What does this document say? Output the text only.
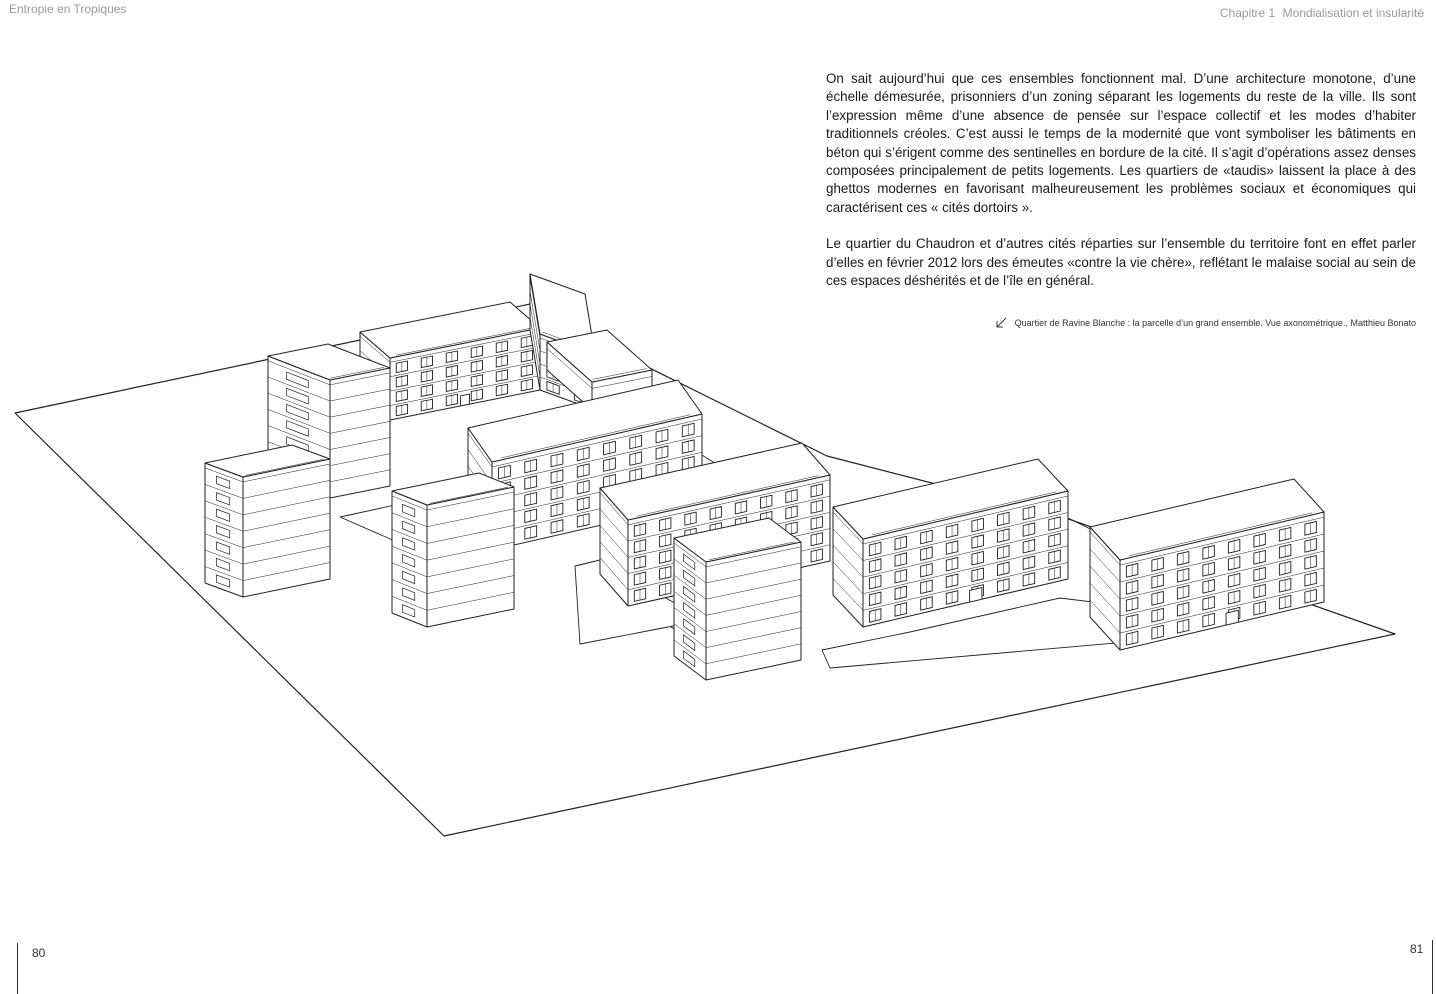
Entropie en Tropiques	Chapitre 1 Mondialisation et insularité

On sait aujourd’hui que ces ensembles fonctionnent mal. D’une architecture monotone, d’une échelle démesurée, prisonniers d’un zoning séparant les logements du reste de la ville. Ils sont l’expression même d’une absence de pensée sur l’espace collectif et les modes d’habiter traditionnels créoles. C’est aussi le temps de la modernité que vont symboliser les bâtiments en béton qui s’érigent comme des sentinelles en bordure de la cité. Il s’agit d’opérations assez denses composées principalement de petits logements. Les quartiers de «taudis» laissent la place à des ghettos modernes en favorisant malheureusement les problèmes sociaux et économiques qui caractérisent ces « cités dortoirs ».

Le quartier du Chaudron et d’autres cités réparties sur l’ensemble du territoire font en effet parler d’elles en février 2012 lors des émeutes «contre la vie chère», reflétant le malaise social au sein de ces espaces déshérités et de l’île en général.

Quartier de Ravine Blanche : la parcelle d’un grand ensemble. Vue axonométrique., Matthieu Bonato
80	81
